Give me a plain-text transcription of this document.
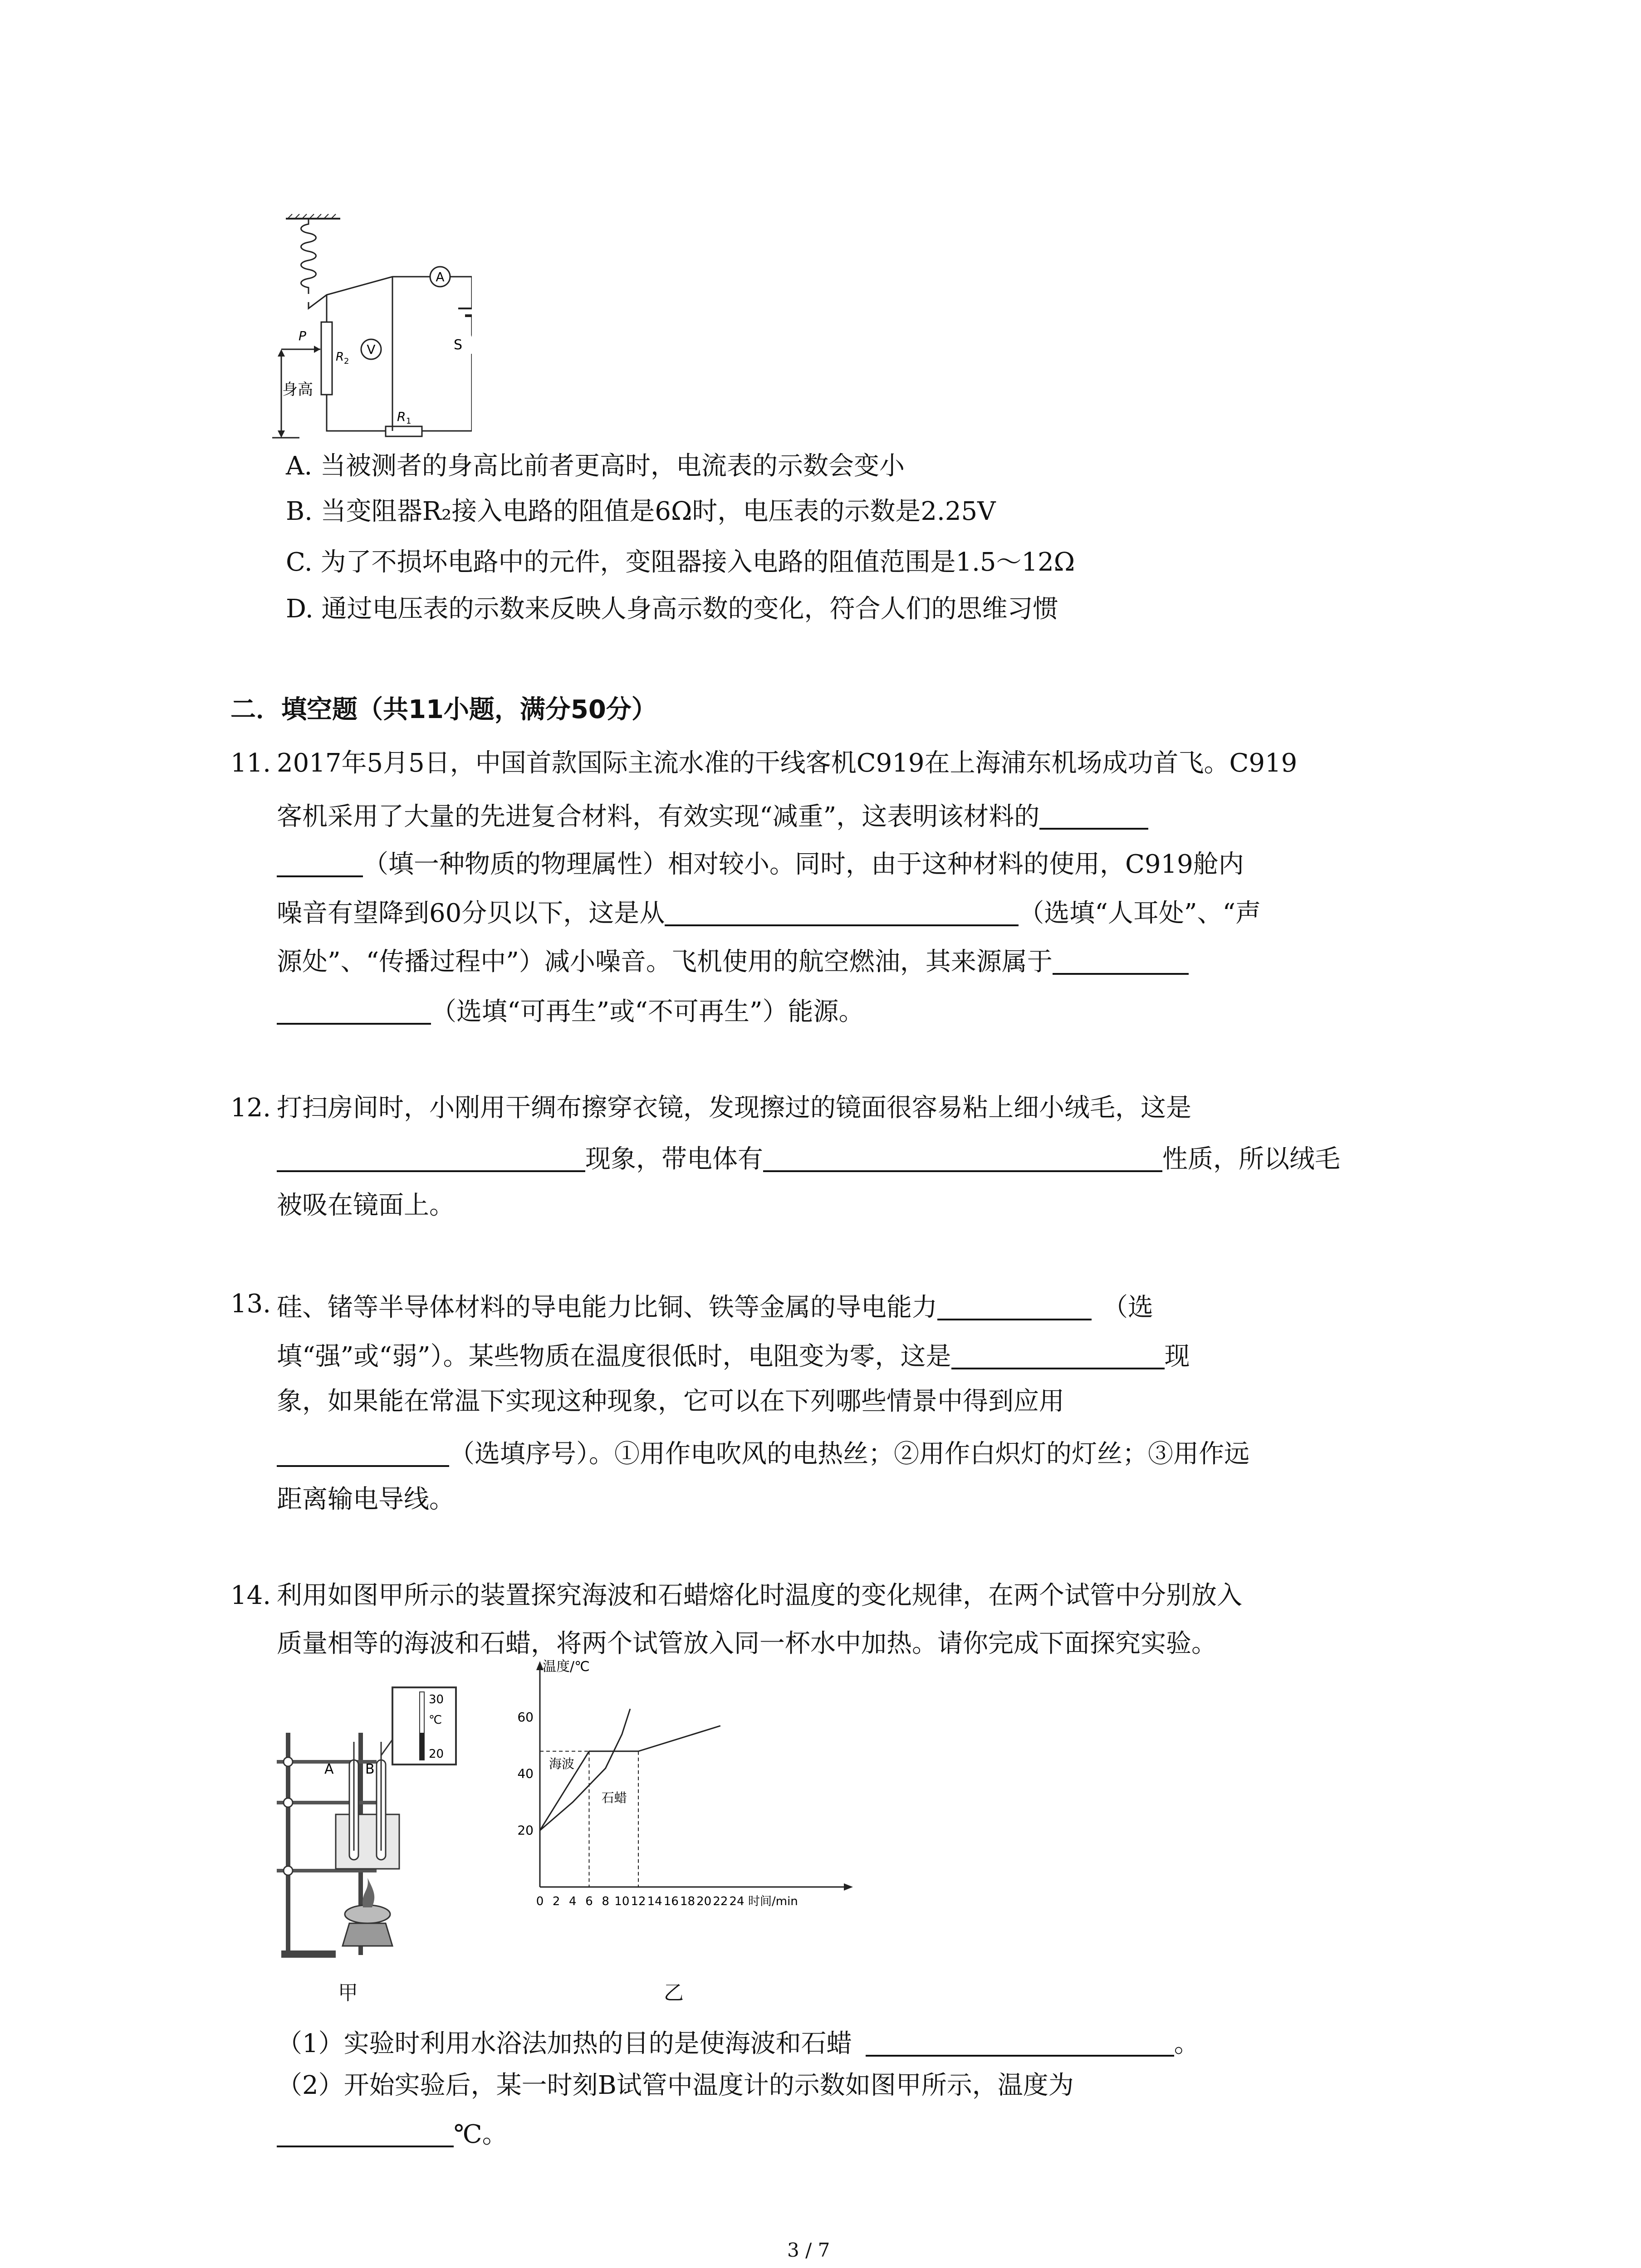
A
S
R 1
R 2
V
P
身高
A. 当被测者的身高比前者更高时，电流表的示数会变小
B. 当变阻器R₂接入电路的阻值是6Ω时，电压表的示数是2.25V
C. 为了不损坏电路中的元件，变阻器接入电路的阻值范围是1.5～12Ω
D. 通过电压表的示数来反映人身高示数的变化，符合人们的思维习惯
二．填空题（共11小题，满分50分）
11. 2017年5月5日，中国首款国际主流水准的干线客机C919在上海浦东机场成功首飞。C919
客机采用了大量的先进复合材料，有效实现“减重”，这表明该材料的
（填一种物质的物理属性）相对较小。同时，由于这种材料的使用，C919舱内
噪音有望降到60分贝以下，这是从	（选填“人耳处”、“声
源处”、“传播过程中”）减小噪音。飞机使用的航空燃油，其来源属于
（选填“可再生”或“不可再生”）能源。
12. 打扫房间时，小刚用干绸布擦穿衣镜，发现擦过的镜面很容易粘上细小绒毛，这是
现象，带电体有	性质，所以绒毛
被吸在镜面上。
13. 硅、锗等半导体材料的导电能力比铜、铁等金属的导电能力	（选
填“强”或“弱”）。某些物质在温度很低时，电阻变为零，这是	现
象，如果能在常温下实现这种现象，它可以在下列哪些情景中得到应用
（选填序号）。①用作电吹风的电热丝；②用作白炽灯的灯丝；③用作远
距离输电导线。
14. 利用如图甲所示的装置探究海波和石蜡熔化时温度的变化规律，在两个试管中分别放入
质量相等的海波和石蜡，将两个试管放入同一杯水中加热。请你完成下面探究实验。
A B
30
℃
20
温度/℃
0 2 4 6 8 10 12 14 16 18 20 22 24 时间/min
20
40
60
海波
石蜡
甲	乙
（1）实验时利用水浴法加热的目的是使海波和石蜡	。
（2）开始实验后，某一时刻B试管中温度计的示数如图甲所示，温度为
℃。
3 / 7
